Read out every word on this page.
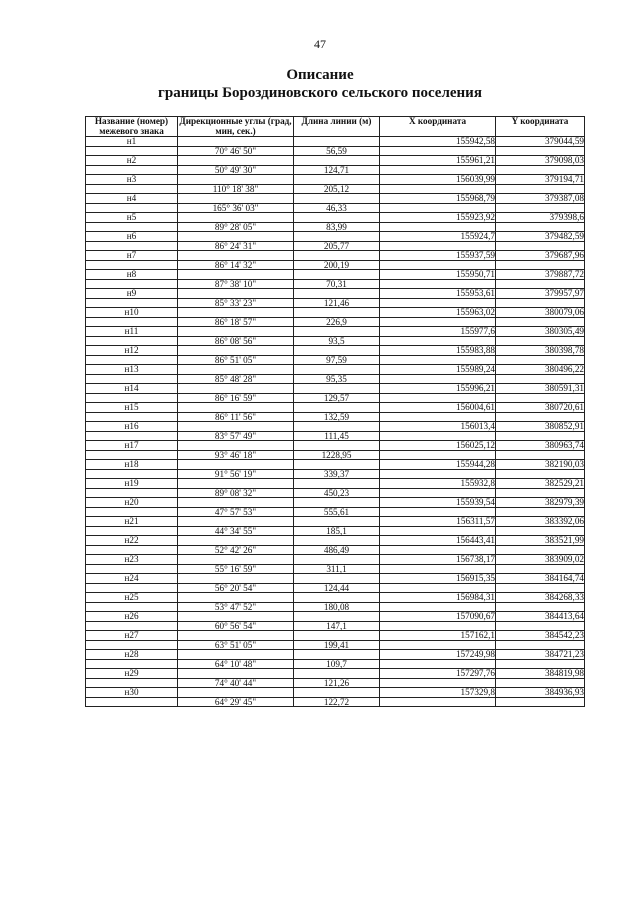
47
Описание
границы Бороздиновского сельского поселения
Название (номер) межевого знака	Дирекционные углы (град, мин, сек.)	Длина линии (м)	X координата	Y координата
н1			155942,58	379044,59
	70° 46' 50"	56,59		
н2			155961,21	379098,03
	50° 49' 30"	124,71		
н3			156039,99	379194,71
	110° 18' 38"	205,12		
н4			155968,79	379387,08
	165° 36' 03"	46,33		
н5			155923,92	379398,6
	89° 28' 05"	83,99		
н6			155924,7	379482,59
	86° 24' 31"	205,77		
н7			155937,59	379687,96
	86° 14' 32"	200,19		
н8			155950,71	379887,72
	87° 38' 10"	70,31		
н9			155953,61	379957,97
	85° 33' 23"	121,46		
н10			155963,02	380079,06
	86° 18' 57"	226,9		
н11			155977,6	380305,49
	86° 08' 56"	93,5		
н12			155983,88	380398,78
	86° 51' 05"	97,59		
н13			155989,24	380496,22
	85° 48' 28"	95,35		
н14			155996,21	380591,31
	86° 16' 59"	129,57		
н15			156004,61	380720,61
	86° 11' 56"	132,59		
н16			156013,4	380852,91
	83° 57' 49"	111,45		
н17			156025,12	380963,74
	93° 46' 18"	1228,95		
н18			155944,28	382190,03
	91° 56' 19"	339,37		
н19			155932,8	382529,21
	89° 08' 32"	450,23		
н20			155939,54	382979,39
	47° 57' 53"	555,61		
н21			156311,57	383392,06
	44° 34' 55"	185,1		
н22			156443,41	383521,99
	52° 42' 26"	486,49		
н23			156738,17	383909,02
	55° 16' 59"	311,1		
н24			156915,35	384164,74
	56° 20' 54"	124,44		
н25			156984,31	384268,33
	53° 47' 52"	180,08		
н26			157090,67	384413,64
	60° 56' 54"	147,1		
н27			157162,1	384542,23
	63° 51' 05"	199,41		
н28			157249,98	384721,23
	64° 10' 48"	109,7		
н29			157297,76	384819,98
	74° 40' 44"	121,26		
н30			157329,8	384936,93
	64° 29' 45"	122,72		
